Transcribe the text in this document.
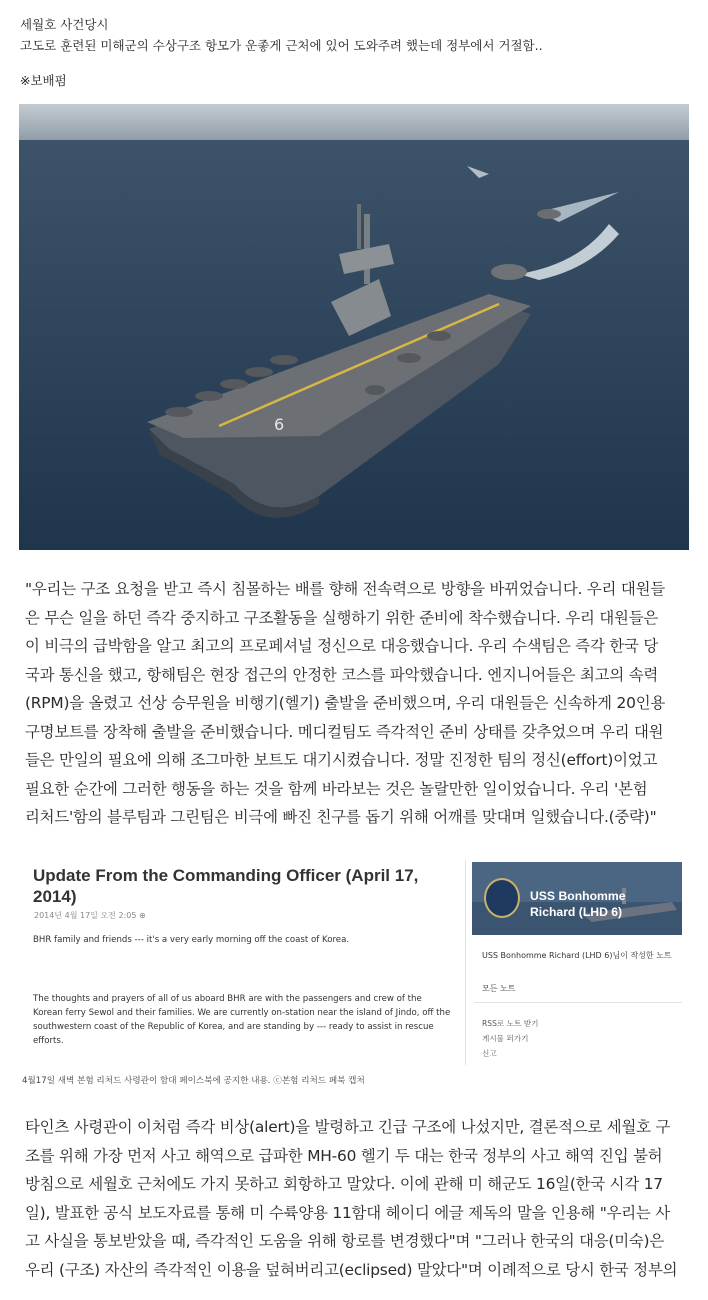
세월호 사건당시
고도로 훈련된 미해군의 수상구조 항모가 운좋게 근처에 있어 도와주려 했는데 정부에서 거절함..
※보배펌
6

"우리는 구조 요청을 받고 즉시 침몰하는 배를 향해 전속력으로 방향을 바뀌었습니다. 우리 대원들

은 무슨 일을 하던 즉각 중지하고 구조활동을 실행하기 위한 준비에 착수했습니다. 우리 대원들은

이 비극의 급박함을 알고 최고의 프로페셔널 정신으로 대응했습니다. 우리 수색팀은 즉각 한국 당

국과 통신을 했고, 항해팀은 현장 접근의 안정한 코스를 파악했습니다. 엔지니어들은 최고의 속력

(RPM)을 올렸고 선상 승무원을 비행기(헬기) 출발을 준비했으며, 우리 대원들은 신속하게 20인용

구명보트를 장착해 출발을 준비했습니다. 메디컬팀도 즉각적인 준비 상태를 갖추었으며 우리 대원

들은 만일의 필요에 의해 조그마한 보트도 대기시켰습니다. 정말 진정한 팀의 정신(effort)이었고

필요한 순간에 그러한 행동을 하는 것을 함께 바라보는 것은 놀랄만한 일이었습니다. 우리 '본험

리처드'함의 블루팀과 그린팀은 비극에 빠진 친구를 돕기 위해 어깨를 맞대며 일했습니다.(중략)"

Update From the Commanding Officer (April 17, 2014)
2014년 4월 17일 오전 2:05 ⊕
BHR family and friends --- it's a very early morning off the coast of Korea.
The thoughts and prayers of all of us aboard BHR are with the passengers and crew of the Korean ferry Sewol and their families. We are currently on-station near the island of Jindo, off the southwestern coast of the Republic of Korea, and are standing by --- ready to assist in rescue efforts.
USS Bonhomme Richard (LHD 6)
USS Bonhomme Richard (LHD 6)님이 작성한 노트
모든 노트
RSS로 노트 받기
게시물 퍼가기
신고
4월17일 새벽 본험 리처드 사령관이 함대 페이스북에 공지한 내용. ⓒ본험 리처드 페북 캡처

타인츠 사령관이 이처럼 즉각 비상(alert)을 발령하고 긴급 구조에 나섰지만, 결론적으로 세월호 구

조를 위해 가장 먼저 사고 해역으로 급파한 MH-60 헬기 두 대는 한국 정부의 사고 해역 진입 불허

방침으로 세월호 근처에도 가지 못하고 회항하고 말았다. 이에 관해 미 해군도 16일(한국 시각 17

일), 발표한 공식 보도자료를 통해 미 수륙양용 11함대 헤이디 에글 제독의 말을 인용해 "우리는 사

고 사실을 통보받았을 때, 즉각적인 도움을 위해 항로를 변경했다"며 "그러나 한국의 대응(미숙)은

우리 (구조) 자산의 즉각적인 이용을 덮혀버리고(eclipsed) 말았다"며 이례적으로 당시 한국 정부의
